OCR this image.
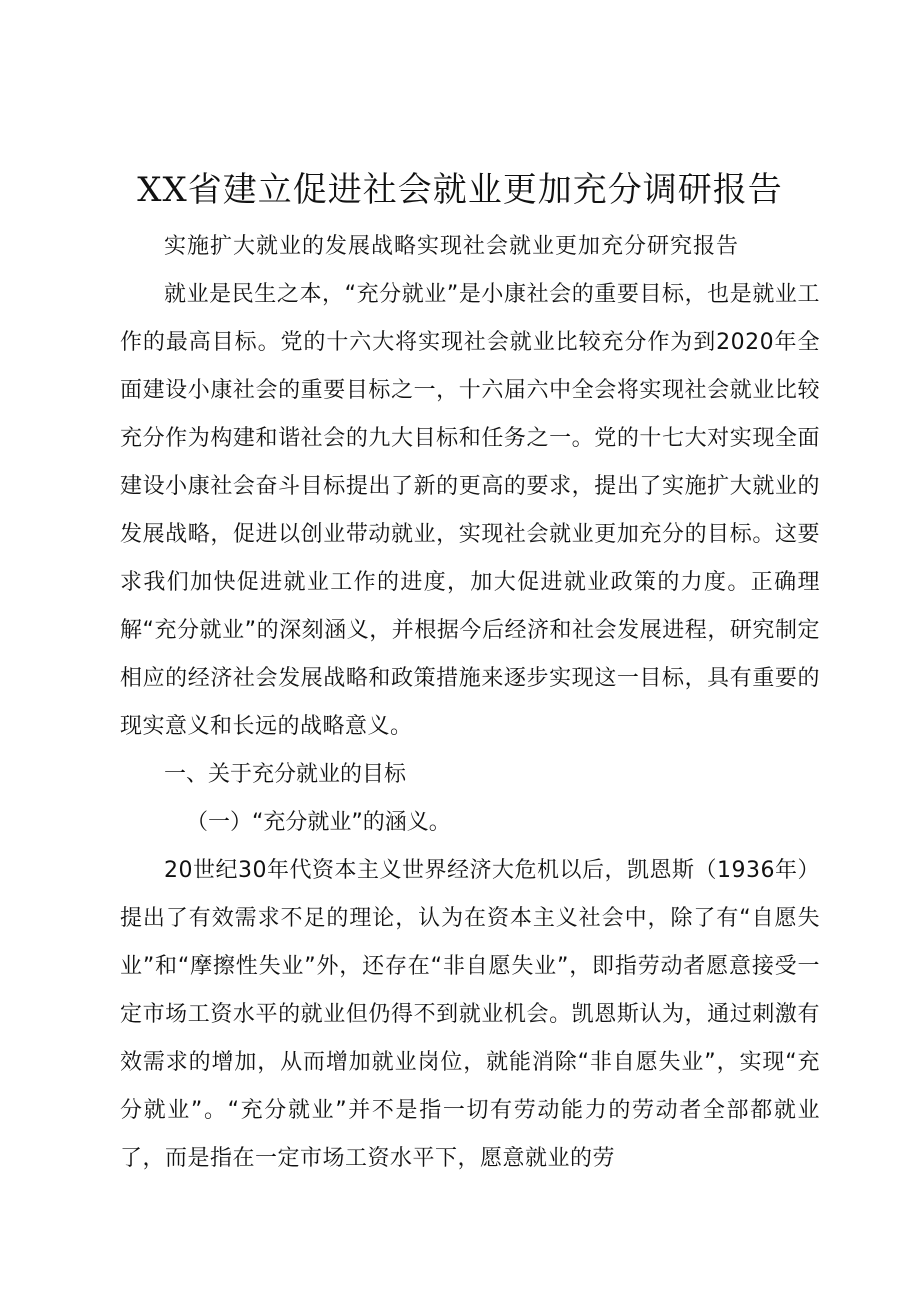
XX省建立促进社会就业更加充分调研报告

实施扩大就业的发展战略实现社会就业更加充分研究报告

就业是民生之本，“充分就业”是小康社会的重要目标，也是就业工作的最高目标。党的十六大将实现社会就业比较充分作为到2020年全面建设小康社会的重要目标之一，十六届六中全会将实现社会就业比较充分作为构建和谐社会的九大目标和任务之一。党的十七大对实现全面建设小康社会奋斗目标提出了新的更高的要求，提出了实施扩大就业的发展战略，促进以创业带动就业，实现社会就业更加充分的目标。这要求我们加快促进就业工作的进度，加大促进就业政策的力度。正确理解“充分就业”的深刻涵义，并根据今后经济和社会发展进程，研究制定相应的经济社会发展战略和政策措施来逐步实现这一目标，具有重要的现实意义和长远的战略意义。

一、关于充分就业的目标

（一）“充分就业”的涵义。

20世纪30年代资本主义世界经济大危机以后，凯恩斯（1936年）提出了有效需求不足的理论，认为在资本主义社会中，除了有“自愿失业”和“摩擦性失业”外，还存在“非自愿失业”，即指劳动者愿意接受一定市场工资水平的就业但仍得不到就业机会。凯恩斯认为，通过刺激有效需求的增加，从而增加就业岗位，就能消除“非自愿失业”，实现“充分就业”。“充分就业”并不是指一切有劳动能力的劳动者全部都就业了，而是指在一定市场工资水平下，愿意就业的劳
